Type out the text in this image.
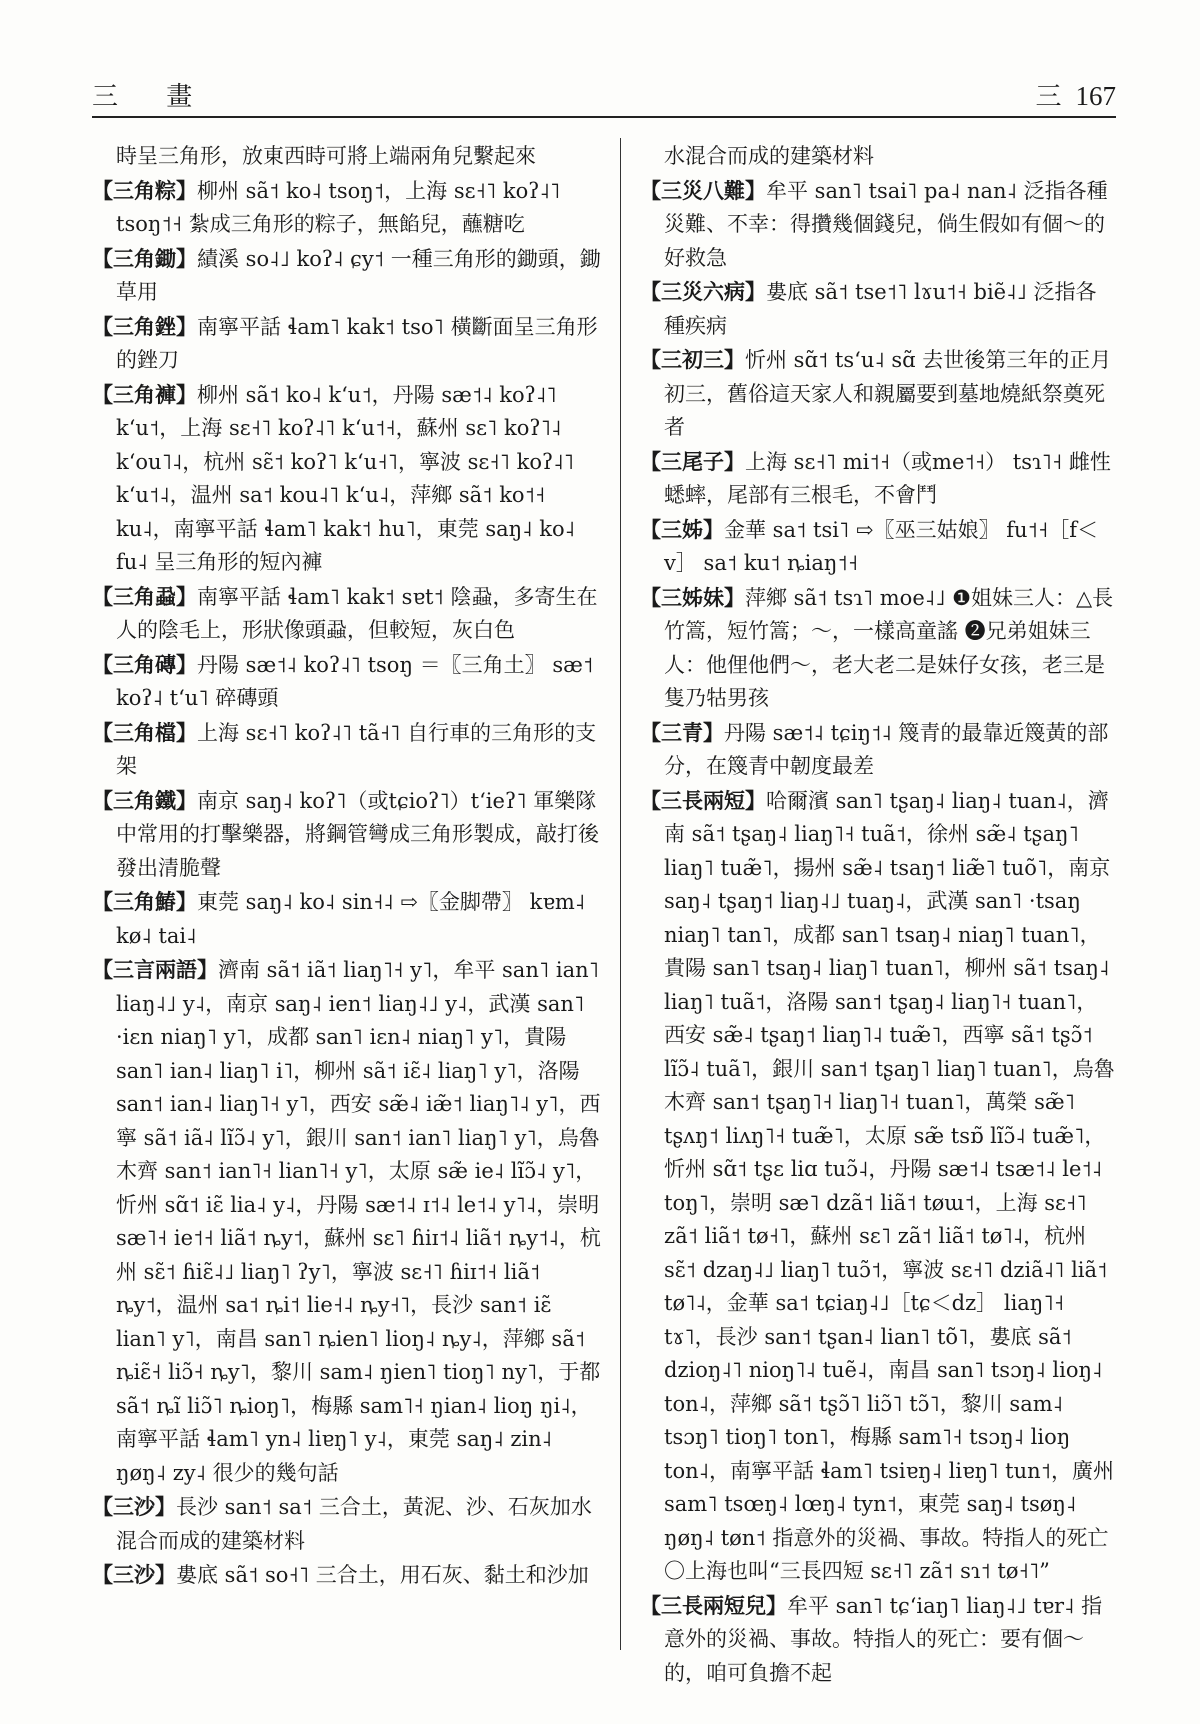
三 畫	三 167

時呈三角形，放東西時可將上端兩角兒繫起來

【三角粽】柳州 sã˦ ko˨ tsoŋ˦，上海 sɛ˧˥ koʔ˨˥ tsoŋ˦˧ 紮成三角形的粽子，無餡兒，蘸糖吃

【三角鋤】績溪 so˨˩ koʔ˨ ɕy˦ 一種三角形的鋤頭，鋤草用

【三角銼】南寧平話 ɬam˥ kak˦ tso˥ 橫斷面呈三角形的銼刀

【三角褲】柳州 sã˦ ko˨ kʻu˦，丹陽 sæ˦˨ koʔ˨˥ kʻu˦，上海 sɛ˧˥ koʔ˨˥ kʻu˦˧，蘇州 sɛ˥ koʔ˥˨ kʻou˥˨，杭州 sɛ̃˦ koʔ˥ kʻu˧˥，寧波 sɛ˧˥ koʔ˨˥ kʻu˦˨，温州 sa˦ kou˨˥ kʻu˨，萍鄉 sã˦ ko˦˧ ku˨，南寧平話 ɬam˥ kak˦ hu˥，東莞 saŋ˨ ko˨ fu˨ 呈三角形的短內褲

【三角蝨】南寧平話 ɬam˥ kak˦ sɐt˦ 陰蝨，多寄生在人的陰毛上，形狀像頭蝨，但較短，灰白色

【三角磚】丹陽 sæ˦˨ koʔ˨˥ tsoŋ ＝〖三角土〗 sæ˦ koʔ˨ tʻu˥ 碎磚頭

【三角檔】上海 sɛ˧˥ koʔ˨˥ tã˧˥ 自行車的三角形的支架

【三角鐵】南京 saŋ˨ koʔ˥（或tɕioʔ˥）tʻieʔ˥ 軍樂隊中常用的打擊樂器，將鋼管彎成三角形製成，敲打後發出清脆聲

【三角鰆】東莞 saŋ˨ ko˨ sin˧˨ ⇨〖金脚帶〗 kɐm˨ kø˨ tai˨

【三言兩語】濟南 sã˦ iã˦ liaŋ˥˧ y˥，牟平 san˥ ian˥ liaŋ˨˩ y˨，南京 saŋ˨ ien˦ liaŋ˨˩ y˨，武漢 san˥ ·iɛn niaŋ˥ y˥，成都 san˥ iɛn˨ niaŋ˥ y˥，貴陽 san˥ ian˨ liaŋ˥ i˥，柳州 sã˦ iɛ̃˨ liaŋ˥ y˥，洛陽 san˦ ian˨ liaŋ˥˧ y˥，西安 sæ̃˨ iæ̃˦ liaŋ˥˨ y˥，西寧 sã˦ iã˨ lĩɔ̃˨ y˥，銀川 san˦ ian˥ liaŋ˥ y˥，烏魯木齊 san˦ ian˥˧ lian˥˧ y˥，太原 sæ̃ ie˨ lĩɔ̃˨ y˥，忻州 sɑ̃˦ iɛ̃ lia˨ y˨，丹陽 sæ˦˨ ɪ˦˨ le˦˨ y˥˨，崇明 sæ˥˧ ie˦˧ liã˦ ȵy˦，蘇州 sɛ˥ ɦiɪ˦˨ liã˦ ȵy˦˨，杭州 sɛ̃˦ ɦiɛ̃˨˩ liaŋ˥ ʔy˥，寧波 sɛ˧˥ ɦiɪ˦˧ liã˦ ȵy˦，温州 sa˦ ȵi˦ lie˧˨ ȵy˧˥，長沙 san˦ iɛ̃ lian˥ y˥，南昌 san˥ ȵien˥ lioŋ˨ ȵy˨，萍鄉 sã˦ ȵiɛ̃˧ liɔ̃˧ ȵy˥，黎川 sam˨ ŋien˥ tioŋ˥ ny˥，于都 sã˦ ȵĩ liɔ̃˥ ȵioŋ˥，梅縣 sam˥˧ ŋian˨ lioŋ ŋi˨，南寧平話 ɬam˥ yn˨ liɐŋ˥ y˨，東莞 saŋ˨ zin˨ ŋøŋ˨ zy˨ 很少的幾句話

【三沙】長沙 san˦ sa˦ 三合土，黃泥、沙、石灰加水混合而成的建築材料

【三沙】婁底 sã˦ so˧˥ 三合土，用石灰、黏土和沙加

水混合而成的建築材料

【三災八難】牟平 san˥ tsai˥ pa˨ nan˨ 泛指各種災難、不幸：得攢幾個錢兒，倘生假如有個～的好救急

【三災六病】婁底 sã˦ tse˦˥ lɤu˦˧ biẽ˨˩ 泛指各種疾病

【三初三】忻州 sɑ̃˦ tsʻu˨ sɑ̃ 去世後第三年的正月初三，舊俗這天家人和親屬要到墓地燒紙祭奠死者

【三尾子】上海 sɛ˧˥ mi˦˧（或me˦˧） tsɿ˥˧ 雌性蟋蟀，尾部有三根毛，不會鬥

【三姊】金華 sa˦ tsi˥ ⇨〖巫三姑娘〗 fu˦˧［f＜v］ sa˦ ku˦ ȵiaŋ˦˧

【三姊妹】萍鄉 sã˦ tsɿ˥ moe˨˩ ❶姐妹三人：△長竹篙，短竹篙；～，一樣高童謠 ❷兄弟姐妹三人：他俚他們～，老大老二是妹仔女孩，老三是隻乃牯男孩

【三青】丹陽 sæ˦˨ tɕiŋ˦˨ 篾青的最靠近篾黃的部分，在篾青中韌度最差

【三長兩短】哈爾濱 san˥ tʂaŋ˨ liaŋ˨ tuan˨，濟南 sã˦ tʂaŋ˨ liaŋ˥˧ tuã˦，徐州 sæ̃˨ tʂaŋ˥ liaŋ˥ tuæ̃˥，揚州 sæ̃˨ tsaŋ˦ liæ̃˥ tuõ˥，南京 saŋ˨ tʂaŋ˦ liaŋ˨˩ tuaŋ˨，武漢 san˥ ·tsaŋ niaŋ˥ tan˥，成都 san˥ tsaŋ˨ niaŋ˥ tuan˥，貴陽 san˥ tsaŋ˨ liaŋ˥ tuan˥，柳州 sã˦ tsaŋ˨ liaŋ˥ tuã˦，洛陽 san˦ tʂaŋ˨ liaŋ˥˧ tuan˥，西安 sæ̃˨ tʂaŋ˦ liaŋ˥˨ tuæ̃˥，西寧 sã˦ tʂɔ̃˦ lĩɔ̃˨ tuã˥，銀川 san˦ tʂaŋ˥ liaŋ˥ tuan˥，烏魯木齊 san˦ tʂaŋ˥˧ liaŋ˥˧ tuan˥，萬榮 sæ̃˥ tʂʌŋ˦ liʌŋ˥˧ tuæ̃˥，太原 sæ̃ tsɒ̃ lĩɔ̃˨ tuæ̃˥，忻州 sɑ̃˦ tʂɛ liɑ tuɔ̃˨，丹陽 sæ˦˨ tsæ˦˨ le˦˨ toŋ˥，崇明 sæ˥ dzã˦ liã˦ tøɯ˦，上海 sɛ˧˥ zã˦ liã˦ tø˧˥，蘇州 sɛ˥ zã˦ liã˦ tø˥˨，杭州 sɛ̃˦ dzaŋ˨˩ liaŋ˥ tuɔ̃˦，寧波 sɛ˧˥ dziã˨˥ liã˦ tø˥˨，金華 sa˦ tɕiaŋ˨˩［tɕ＜dz］ liaŋ˥˧ tɤ˥，長沙 san˦ tʂan˨ lian˥ tõ˥，婁底 sã˦ dzioŋ˨˥ nioŋ˥˨ tuẽ˨，南昌 san˥ tsɔŋ˨ lioŋ˨ ton˨，萍鄉 sã˦ tʂɔ̃˥ liɔ̃˥ tɔ̃˥，黎川 sam˨ tsɔŋ˥ tioŋ˥ ton˥，梅縣 sam˥˧ tsɔŋ˨ lioŋ ton˨，南寧平話 ɬam˥ tsiɐŋ˨ liɐŋ˥ tun˦，廣州 sam˥ tsœŋ˨ lœŋ˨ tyn˦，東莞 saŋ˨ tsøŋ˨ ŋøŋ˨ tøn˦ 指意外的災禍、事故。特指人的死亡 〇上海也叫“三長四短 sɛ˧˥ zã˦ sɿ˦ tø˧˥”

【三長兩短兒】牟平 san˥ tɕʻiaŋ˥ liaŋ˨˩ tɐr˨ 指意外的災禍、事故。特指人的死亡：要有個～的，咱可負擔不起
